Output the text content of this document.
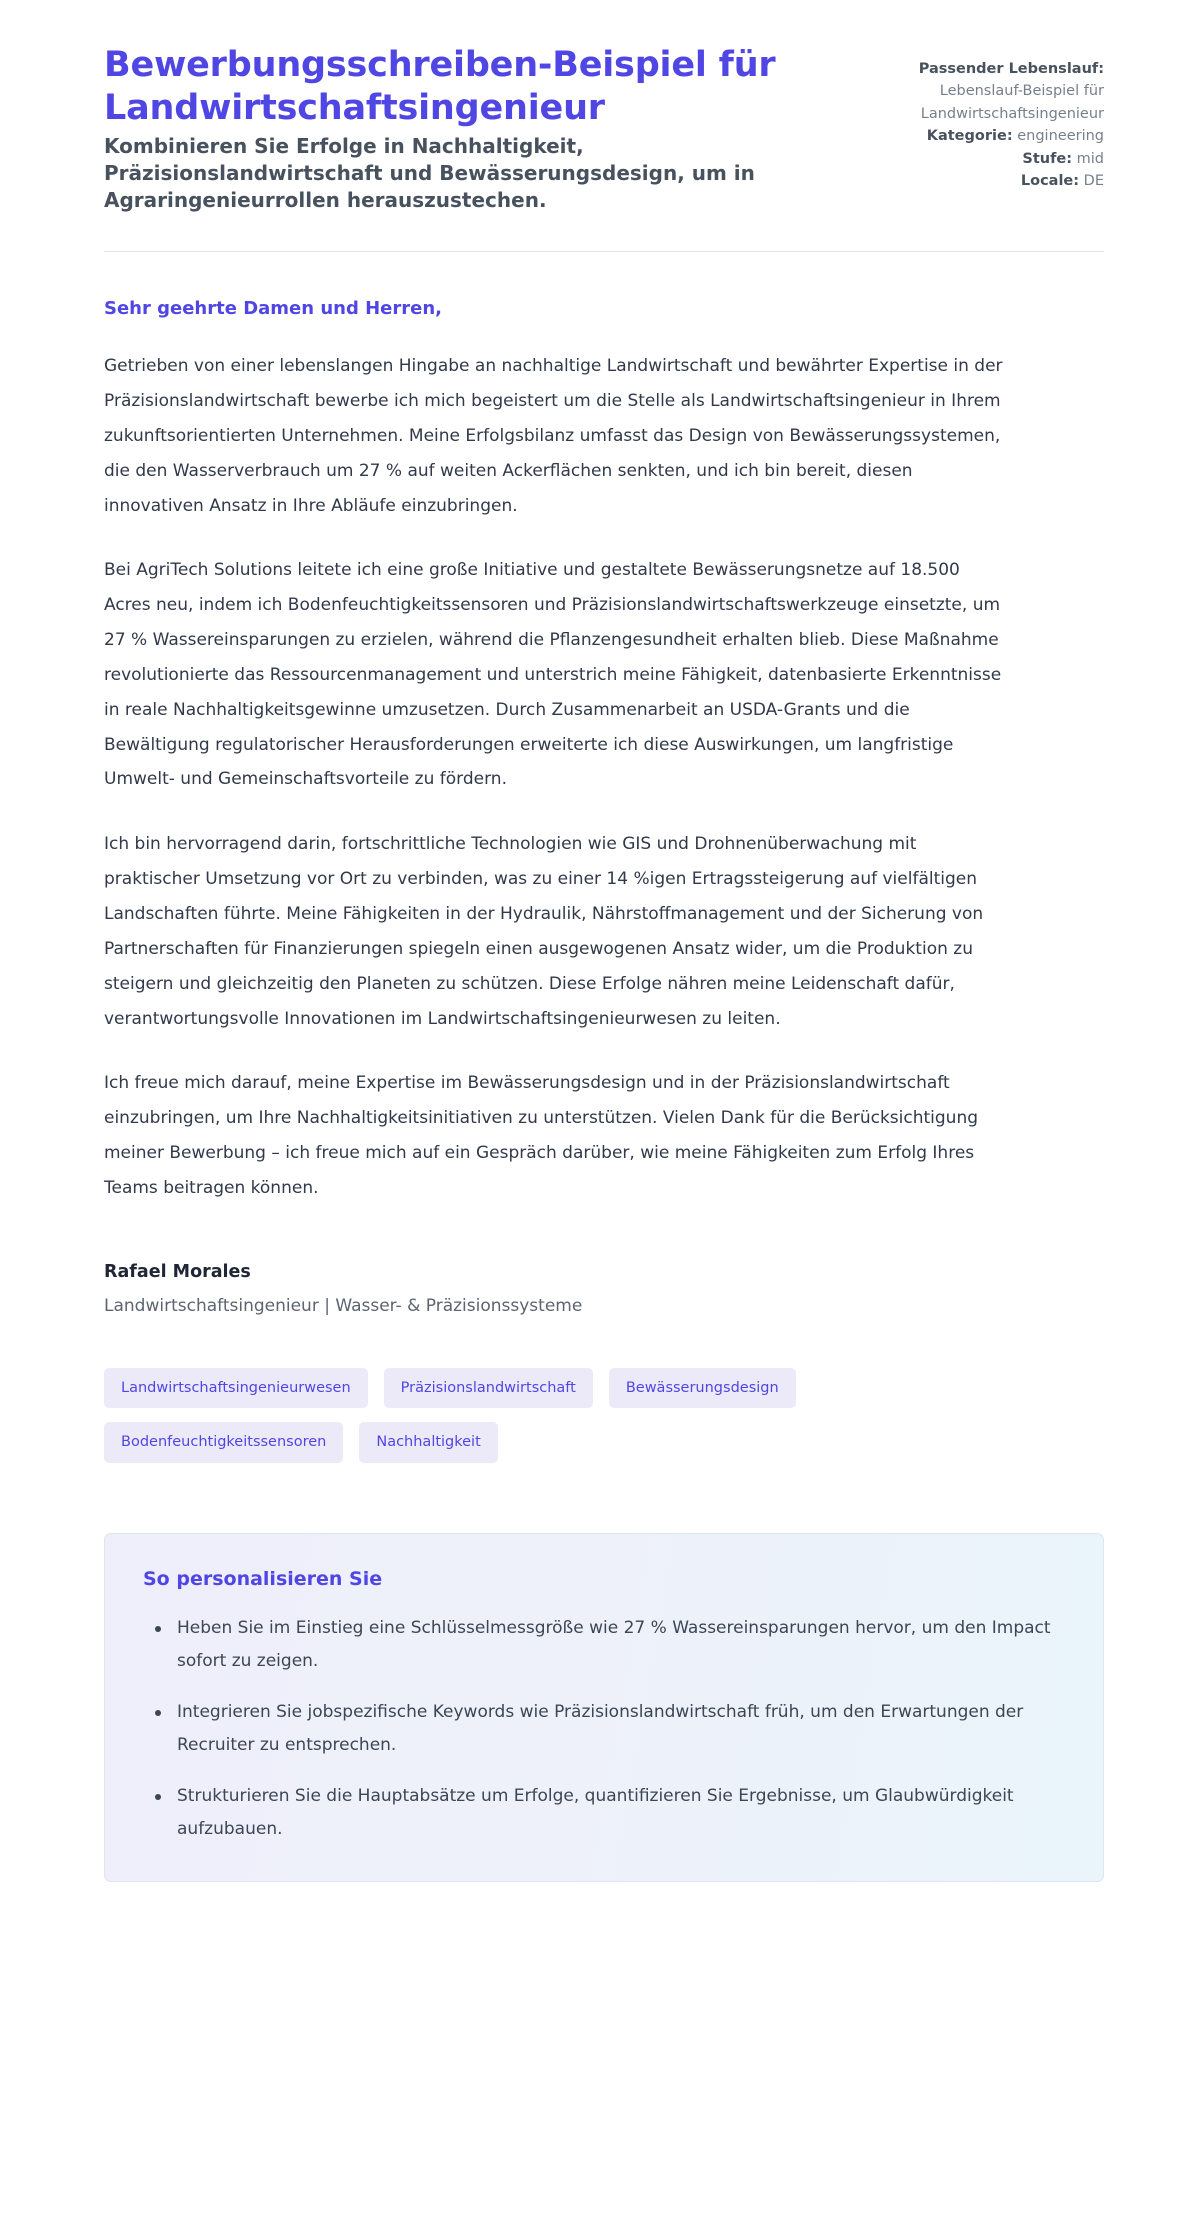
Bewerbungsschreiben-Beispiel für Landwirtschaftsingenieur

Kombinieren Sie Erfolge in Nachhaltigkeit, Präzisionslandwirtschaft und Bewässerungsdesign, um in Agraringenieurrollen herauszustechen.

Passender Lebenslauf:
Lebenslauf-Beispiel für Landwirtschaftsingenieur
Kategorie: engineering
Stufe: mid
Locale: DE

Sehr geehrte Damen und Herren,

Getrieben von einer lebenslangen Hingabe an nachhaltige Landwirtschaft und bewährter Expertise in der Präzisionslandwirtschaft bewerbe ich mich begeistert um die Stelle als Landwirtschaftsingenieur in Ihrem zukunftsorientierten Unternehmen. Meine Erfolgsbilanz umfasst das Design von Bewässerungssystemen, die den Wasserverbrauch um 27 % auf weiten Ackerflächen senkten, und ich bin bereit, diesen innovativen Ansatz in Ihre Abläufe einzubringen.

Bei AgriTech Solutions leitete ich eine große Initiative und gestaltete Bewässerungsnetze auf 18.500 Acres neu, indem ich Bodenfeuchtigkeitssensoren und Präzisionslandwirtschaftswerkzeuge einsetzte, um 27 % Wassereinsparungen zu erzielen, während die Pflanzengesundheit erhalten blieb. Diese Maßnahme revolutionierte das Ressourcenmanagement und unterstrich meine Fähigkeit, datenbasierte Erkenntnisse in reale Nachhaltigkeitsgewinne umzusetzen. Durch Zusammenarbeit an USDA-Grants und die Bewältigung regulatorischer Herausforderungen erweiterte ich diese Auswirkungen, um langfristige Umwelt- und Gemeinschaftsvorteile zu fördern.

Ich bin hervorragend darin, fortschrittliche Technologien wie GIS und Drohnenüberwachung mit praktischer Umsetzung vor Ort zu verbinden, was zu einer 14 %igen Ertragssteigerung auf vielfältigen Landschaften führte. Meine Fähigkeiten in der Hydraulik, Nährstoffmanagement und der Sicherung von Partnerschaften für Finanzierungen spiegeln einen ausgewogenen Ansatz wider, um die Produktion zu steigern und gleichzeitig den Planeten zu schützen. Diese Erfolge nähren meine Leidenschaft dafür, verantwortungsvolle Innovationen im Landwirtschaftsingenieurwesen zu leiten.

Ich freue mich darauf, meine Expertise im Bewässerungsdesign und in der Präzisionslandwirtschaft einzubringen, um Ihre Nachhaltigkeitsinitiativen zu unterstützen. Vielen Dank für die Berücksichtigung meiner Bewerbung – ich freue mich auf ein Gespräch darüber, wie meine Fähigkeiten zum Erfolg Ihres Teams beitragen können.

Rafael Morales

Landwirtschaftsingenieur | Wasser- & Präzisionssysteme

Landwirtschaftsingenieurwesen	Präzisionslandwirtschaft	Bewässerungsdesign
Bodenfeuchtigkeitssensoren	Nachhaltigkeit
So personalisieren Sie
Heben Sie im Einstieg eine Schlüsselmessgröße wie 27 % Wassereinsparungen hervor, um den Impact sofort zu zeigen.
Integrieren Sie jobspezifische Keywords wie Präzisionslandwirtschaft früh, um den Erwartungen der Recruiter zu entsprechen.
Strukturieren Sie die Hauptabsätze um Erfolge, quantifizieren Sie Ergebnisse, um Glaubwürdigkeit aufzubauen.
